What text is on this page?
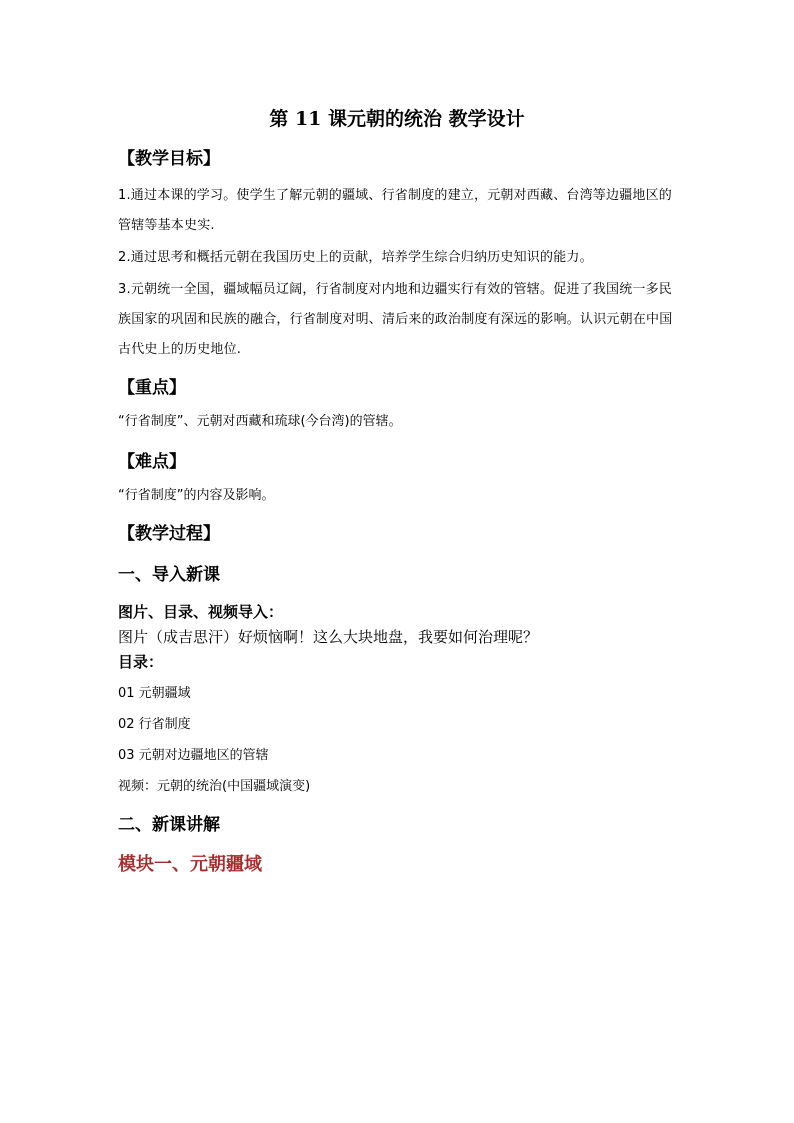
第 11 课元朝的统治 教学设计
【教学目标】
1.通过本课的学习。使学生了解元朝的疆域、行省制度的建立，元朝对西藏、台湾等边疆地区的管辖等基本史实.
2.通过思考和概括元朝在我国历史上的贡献，培养学生综合归纳历史知识的能力。
3.元朝统一全国，疆域幅员辽阔，行省制度对内地和边疆实行有效的管辖。促进了我国统一多民族国家的巩固和民族的融合，行省制度对明、清后来的政治制度有深远的影响。认识元朝在中国古代史上的历史地位.
【重点】
“行省制度”、元朝对西藏和琉球(今台湾)的管辖。
【难点】
“行省制度”的内容及影响。
【教学过程】
一、导入新课
图片、目录、视频导入：
图片（成吉思汗）好烦恼啊！这么大块地盘，我要如何治理呢？
目录：
01 元朝疆域
02 行省制度
03 元朝对边疆地区的管辖
视频：元朝的统治(中国疆域演变)
二、新课讲解
模块一、元朝疆域
